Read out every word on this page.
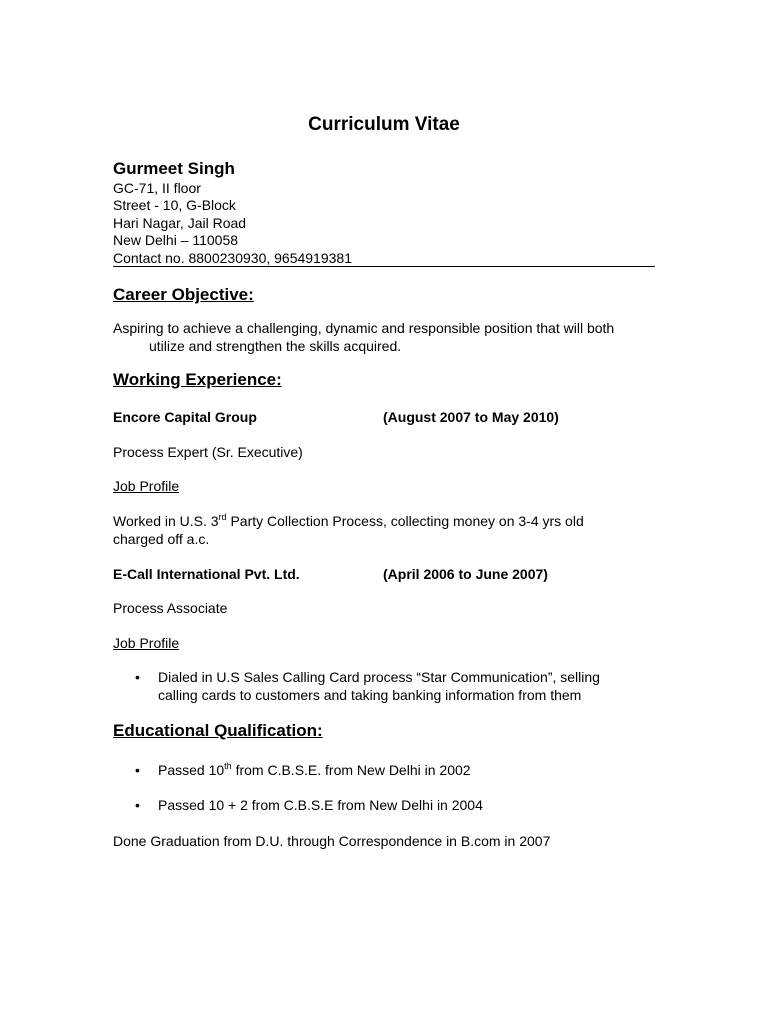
Curriculum Vitae
Gurmeet Singh
GC-71, II floor
Street - 10, G-Block
Hari Nagar, Jail Road
New Delhi – 110058
Contact no. 8800230930, 9654919381
Career Objective:
Aspiring to achieve a challenging, dynamic and responsible position that will both
utilize and strengthen the skills acquired.
Working Experience:
Encore Capital Group	(August 2007 to May 2010)
Process Expert (Sr. Executive)
Job Profile
Worked in U.S. 3rd Party Collection Process, collecting money on 3-4 yrs old
charged off a.c.
E-Call International Pvt. Ltd.	(April 2006 to June 2007)
Process Associate
Job Profile
•	Dialed in U.S Sales Calling Card process “Star Communication”, selling
calling cards to customers and taking banking information from them
Educational Qualification:
•	Passed 10th from C.B.S.E. from New Delhi in 2002
•	Passed 10 + 2 from C.B.S.E from New Delhi in 2004
Done Graduation from D.U. through Correspondence in B.com in 2007
